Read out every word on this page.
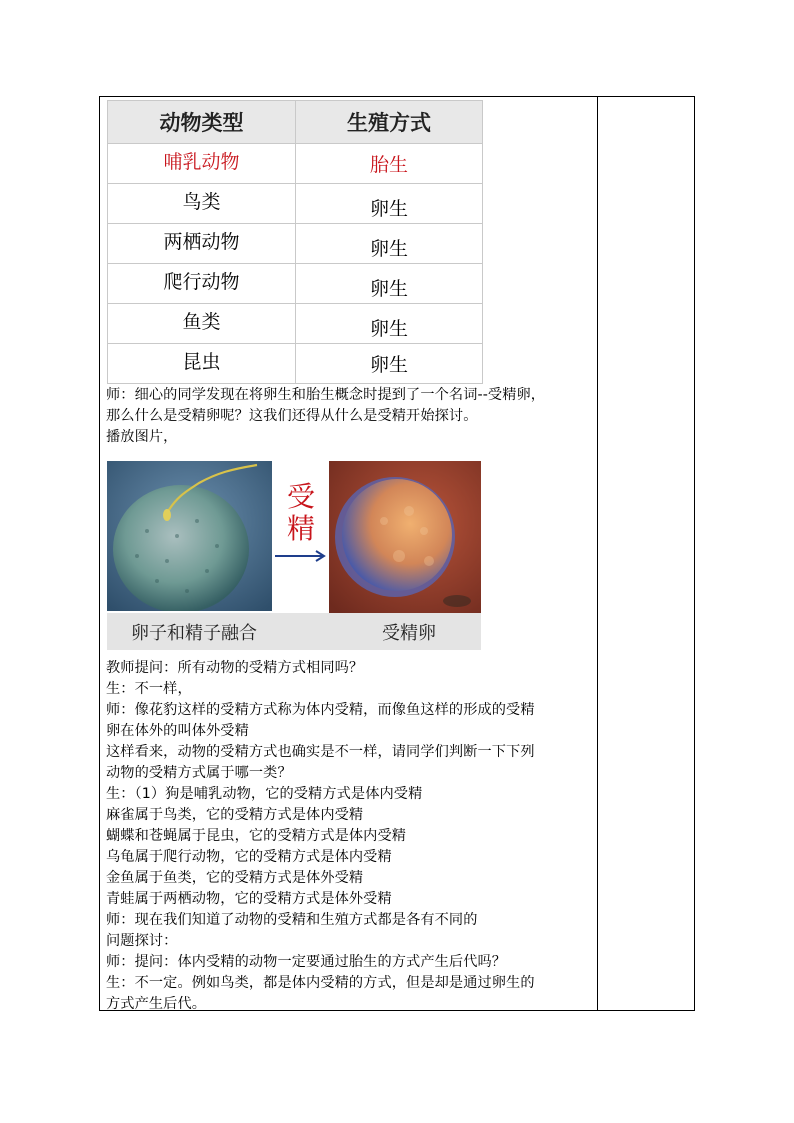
动物类型	生殖方式
哺乳动物	胎生
鸟类	卵生
两栖动物	卵生
爬行动物	卵生
鱼类	卵生
昆虫	卵生
师：细心的同学发现在将卵生和胎生概念时提到了一个名词--受精卵，
那么什么是受精卵呢？这我们还得从什么是受精开始探讨。
播放图片，
受
精
卵子和精子融合	受精卵
教师提问：所有动物的受精方式相同吗？
生：不一样，
师：像花豹这样的受精方式称为体内受精，而像鱼这样的形成的受精
卵在体外的叫体外受精
这样看来，动物的受精方式也确实是不一样，请同学们判断一下下列
动物的受精方式属于哪一类？
生：（1）狗是哺乳动物，它的受精方式是体内受精
麻雀属于鸟类，它的受精方式是体内受精
蝴蝶和苍蝇属于昆虫，它的受精方式是体内受精
乌龟属于爬行动物，它的受精方式是体内受精
金鱼属于鱼类，它的受精方式是体外受精
青蛙属于两栖动物，它的受精方式是体外受精
师：现在我们知道了动物的受精和生殖方式都是各有不同的
问题探讨：
师：提问：体内受精的动物一定要通过胎生的方式产生后代吗？
生：不一定。例如鸟类，都是体内受精的方式，但是却是通过卵生的
方式产生后代。
